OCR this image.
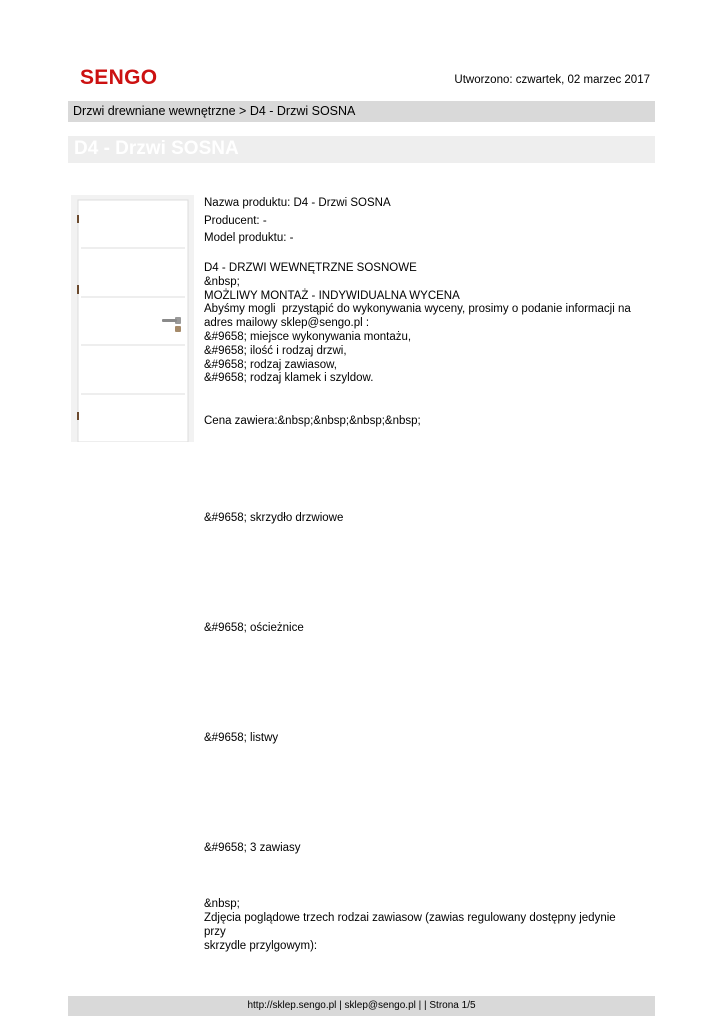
SENGO	Utworzono: czwartek, 02 marzec 2017
Drzwi drewniane wewnętrzne > D4 - Drzwi SOSNA
D4 - Drzwi SOSNA
Nazwa produktu: D4 - Drzwi SOSNA
Producent: -
Model produktu: -
D4 - DRZWI WEWNĘTRZNE SOSNOWE
&nbsp;
MOŻLIWY MONTAŻ - INDYWIDUALNA WYCENA
Abyśmy mogli  przystąpić do wykonywania wyceny, prosimy o podanie informacji na
adres mailowy sklep@sengo.pl :
&#9658; miejsce wykonywania montażu,
&#9658; ilość i rodzaj drzwi,
&#9658; rodzaj zawiasow,
&#9658; rodzaj klamek i szyldow.
Cena zawiera:&nbsp;&nbsp;&nbsp;&nbsp;
&#9658; skrzydło drzwiowe
&#9658; ościeżnice
&#9658; listwy
&#9658; 3 zawiasy
&nbsp;
Zdjęcia poglądowe trzech rodzai zawiasow (zawias regulowany dostępny jedynie przy
skrzydle przylgowym):
http://sklep.sengo.pl | sklep@sengo.pl | | Strona 1/5
